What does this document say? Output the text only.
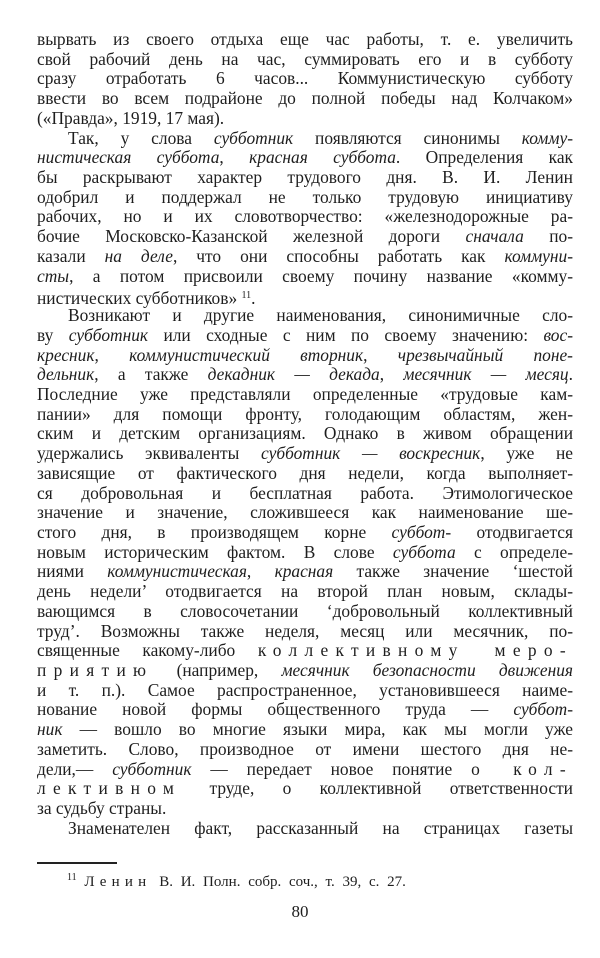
вырвать из своего отдыха еще час работы, т. е. увеличить
свой рабочий день на час, суммировать его и в субботу
сразу отработать 6 часов... Коммунистическую субботу
ввести во всем подрайоне до полной победы над Колчаком»
(«Правда», 1919, 17 мая).
Так, у слова субботник появляются синонимы комму-
нистическая суббота, красная суббота. Определения как
бы раскрывают характер трудового дня. В. И. Ленин
одобрил и поддержал не только трудовую инициативу
рабочих, но и их словотворчество: «железнодорожные ра-
бочие Московско-Казанской железной дороги сначала по-
казали на деле, что они способны работать как коммуни-
сты, а потом присвоили своему почину название «комму-
нистических субботников» $^{11}$.
Возникают и другие наименования, синонимичные сло-
ву субботник или сходные с ним по своему значению: вос-
кресник, коммунистический вторник, чрезвычайный поне-
дельник, а также декадник — декада, месячник — месяц.
Последние уже представляли определенные «трудовые кам-
пании» для помощи фронту, голодающим областям, жен-
ским и детским организациям. Однако в живом обращении
удержались эквиваленты субботник — воскресник, уже не
зависящие от фактического дня недели, когда выполняет-
ся добровольная и бесплатная работа. Этимологическое
значение и значение, сложившееся как наименование ше-
стого дня, в производящем корне суббот- отодвигается
новым историческим фактом. В слове суббота с определе-
ниями коммунистическая, красная также значение ‘шестой
день недели’ отодвигается на второй план новым, склады-
вающимся в словосочетании ‘добровольный коллективный
труд’. Возможны также неделя, месяц или месячник, по-
священные какому-либо коллективному меро-
приятию (например, месячник безопасности движения
и т. п.). Самое распространенное, установившееся наиме-
нование новой формы общественного труда — суббот-
ник — вошло во многие языки мира, как мы могли уже
заметить. Слово, производное от имени шестого дня не-
дели,— субботник — передает новое понятие о кол-
лективном труде, о коллективной ответственности
за судьбу страны.
Знаменателен факт, рассказанный на страницах газеты
$^{11}$ Ленин В. И. Полн. собр. соч., т. 39, с. 27.
80
